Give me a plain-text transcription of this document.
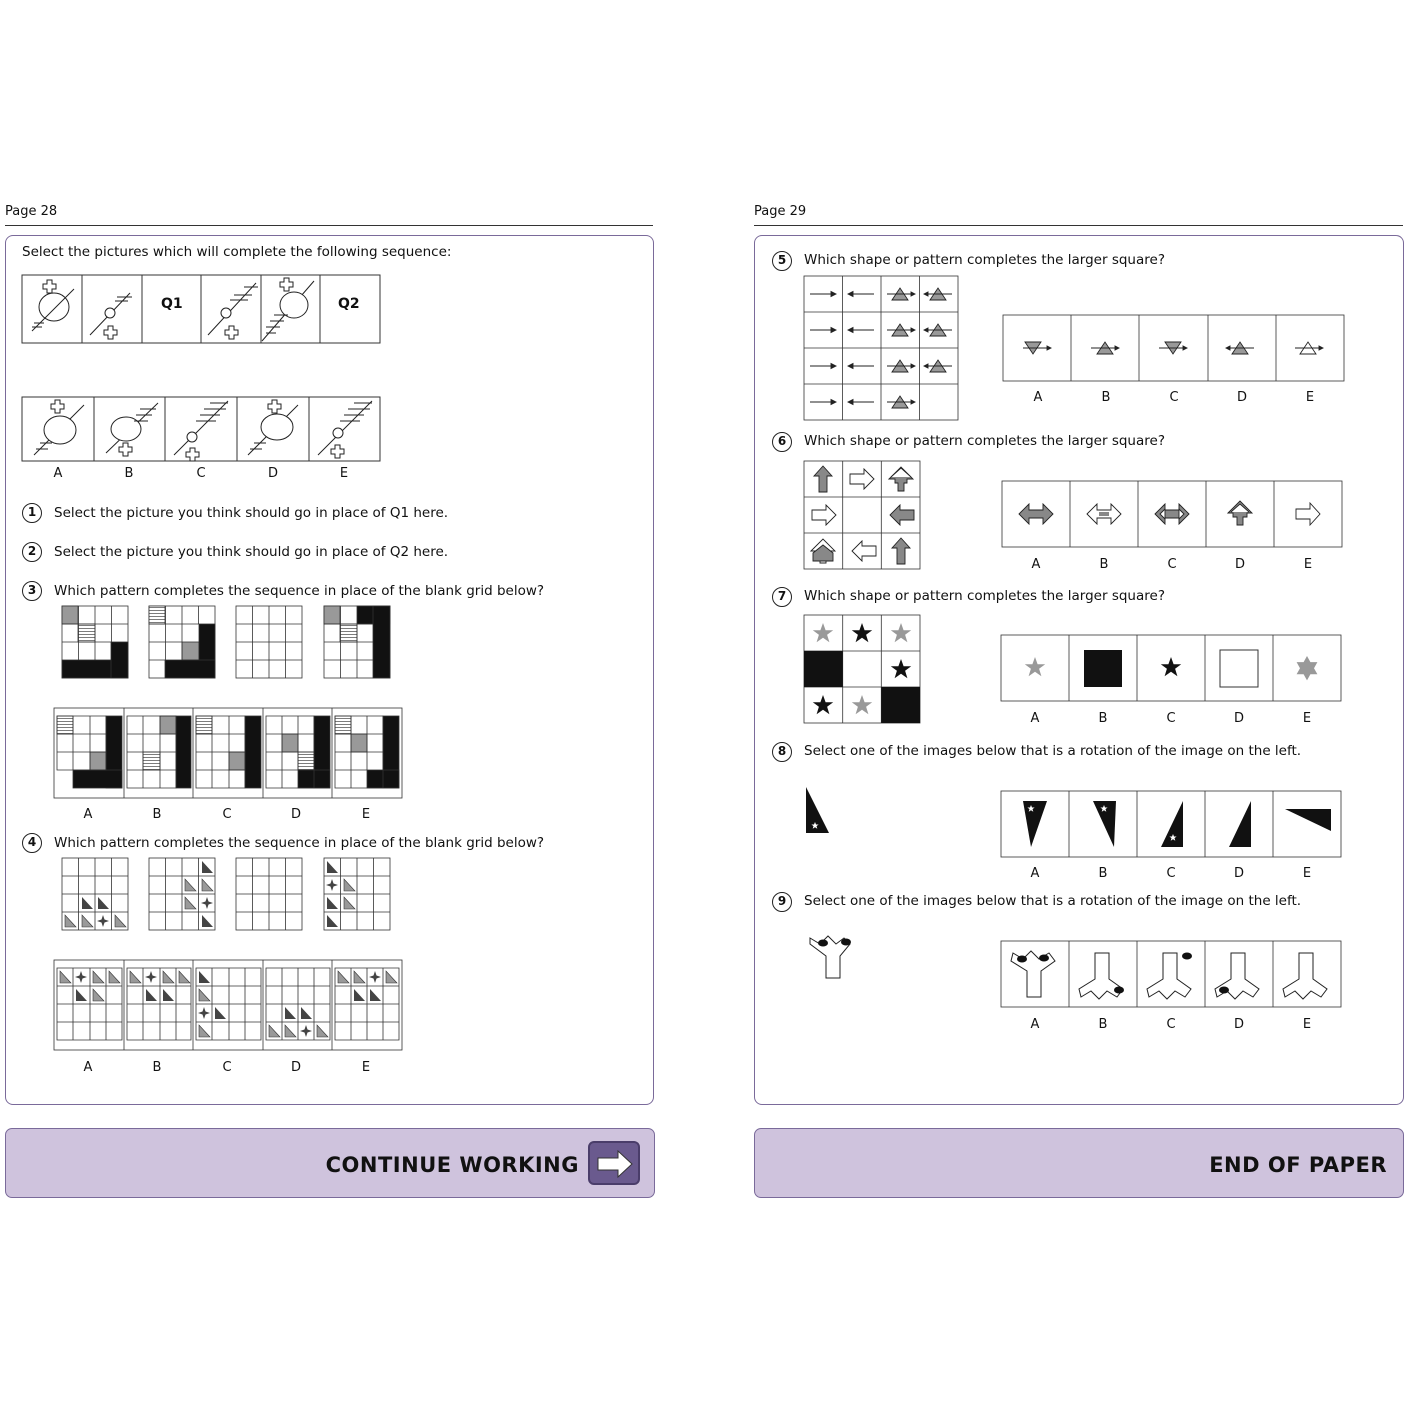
Page 28
Select the pictures which will complete the following sequence:
Q1	Q2
A	B	C	D	E
1	Select the picture you think should go in place of Q1 here.
2	Select the picture you think should go in place of Q2 here.
3	Which pattern completes the sequence in place of the blank grid below?
A	B	C	D	E
4	Which pattern completes the sequence in place of the blank grid below?
A	B	C	D	E
CONTINUE WORKING
Page 29
5	Which shape or pattern completes the larger square?
A	B	C	D	E
6	Which shape or pattern completes the larger square?
A	B	C	D	E
7	Which shape or pattern completes the larger square?
A	B	C	D	E
8	Select one of the images below that is a rotation of the image on the left.
A	B	C	D	E
9	Select one of the images below that is a rotation of the image on the left.
A	B	C	D	E
END OF PAPER
